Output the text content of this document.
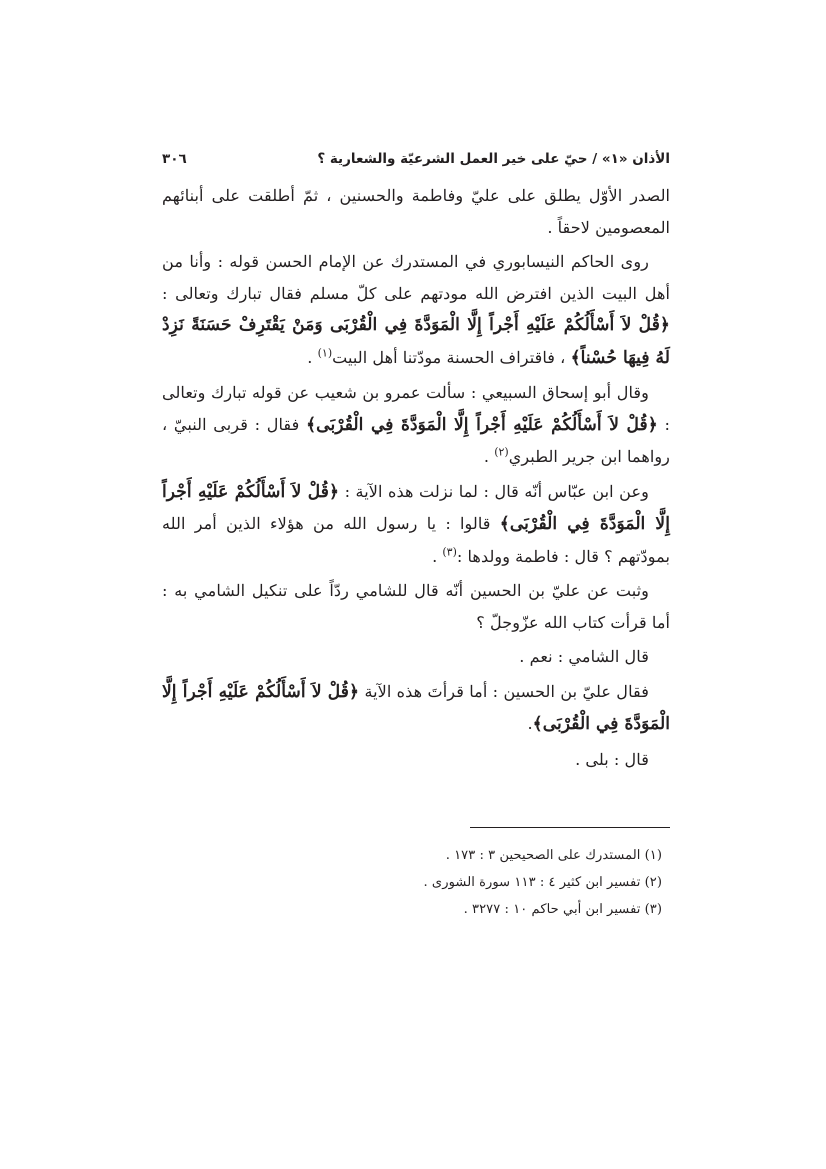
الأذان «١» / حيّ على خير العمل الشرعيّة والشعارية ؟
٣٠٦

الصدر الأوّل يطلق على عليّ وفاطمة والحسنين ، ثمّ أطلقت على أبنائهم المعصومين لاحقاً .

روى الحاكم النيسابوري في المستدرك عن الإمام الحسن قوله : وأنا من أهل البيت الذين افترض الله مودتهم على كلّ مسلم فقال تبارك وتعالى : ﴿قُلْ لاَ أَسْأَلُكُمْ عَلَيْهِ أَجْراً إِلَّا الْمَوَدَّةَ فِي الْقُرْبَى وَمَنْ يَقْتَرِفْ حَسَنَةً نَزِدْ لَهُ فِيهَا حُسْناً﴾ ، فاقتراف الحسنة مودّتنا أهل البيت$^{(١)}$ .

وقال أبو إسحاق السبيعي : سألت عمرو بن شعيب عن قوله تبارك وتعالى : ﴿قُلْ لاَ أَسْأَلُكُمْ عَلَيْهِ أَجْراً إِلَّا الْمَوَدَّةَ فِي الْقُرْبَى﴾ فقال : قربى النبيّ ، رواهما ابن جرير الطبري$^{(٢)}$ .

وعن ابن عبّاس أنّه قال : لما نزلت هذه الآية : ﴿قُلْ لاَ أَسْأَلُكُمْ عَلَيْهِ أَجْراً إِلَّا الْمَوَدَّةَ فِي الْقُرْبَى﴾ قالوا : يا رسول الله من هؤلاء الذين أمر الله بمودّتهم ؟ قال : فاطمة وولدها :$^{(٣)}$ .

وثبت عن عليّ بن الحسين أنّه قال للشامي ردّاً على تنكيل الشامي به : أما قرأت كتاب الله عزّوجلّ ؟

قال الشامي : نعم .

فقال عليّ بن الحسين : أما قرأتَ هذه الآية ﴿قُلْ لاَ أَسْأَلُكُمْ عَلَيْهِ أَجْراً إِلَّا الْمَوَدَّةَ فِي الْقُرْبَى﴾.

قال : بلى .

(١) المستدرك على الصحيحين ٣ : ١٧٣ .
(٢) تفسير ابن كثير ٤ : ١١٣ سورة الشورى .
(٣) تفسير ابن أبي حاكم ١٠ : ٣٢٧٧ .
